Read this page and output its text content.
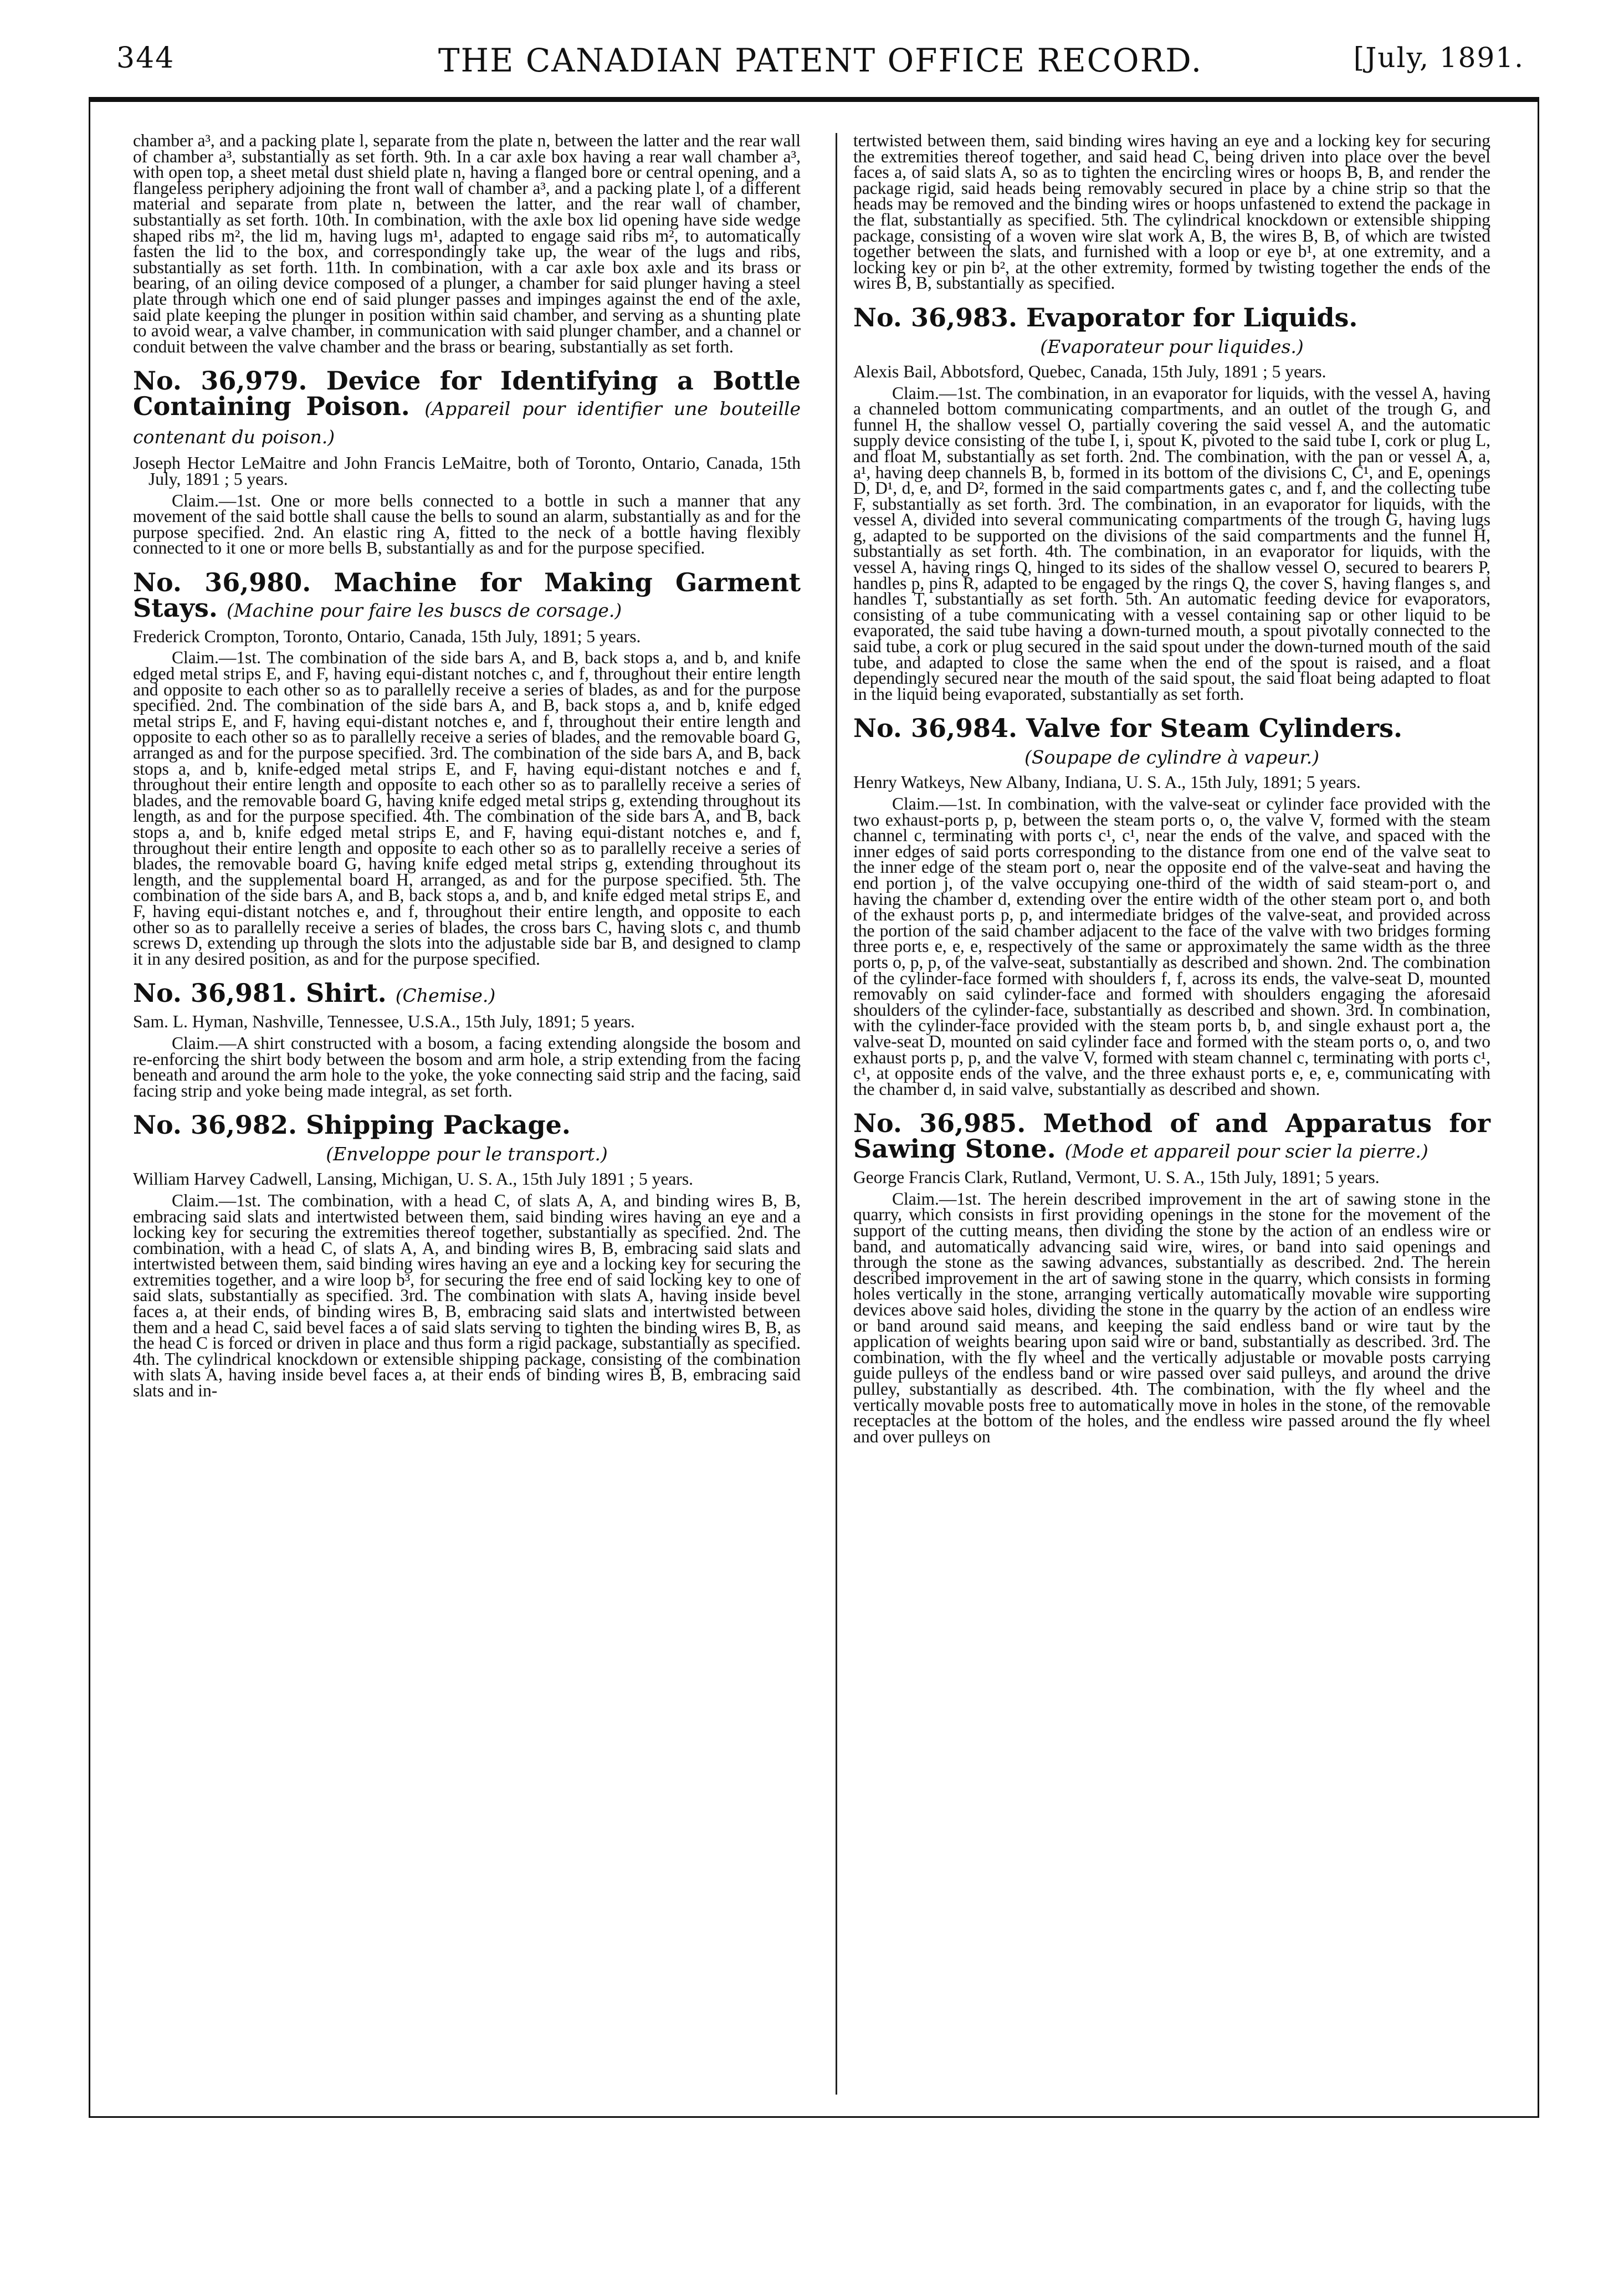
344	THE CANADIAN PATENT OFFICE RECORD.	[July, 1891.

chamber a³, and a packing plate l, separate from the plate n, between the latter and the rear wall of chamber a³, substantially as set forth. 9th. In a car axle box having a rear wall chamber a³, with open top, a sheet metal dust shield plate n, having a flanged bore or central opening, and a flangeless periphery adjoining the front wall of chamber a³, and a packing plate l, of a different material and separate from plate n, between the latter, and the rear wall of chamber, substantially as set forth. 10th. In combination, with the axle box lid opening have side wedge shaped ribs m², the lid m, having lugs m¹, adapted to engage said ribs m², to automatically fasten the lid to the box, and correspondingly take up, the wear of the lugs and ribs, substantially as set forth. 11th. In combination, with a car axle box axle and its brass or bearing, of an oiling device composed of a plunger, a chamber for said plunger having a steel plate through which one end of said plunger passes and impinges against the end of the axle, said plate keeping the plunger in position within said chamber, and serving as a shunting plate to avoid wear, a valve chamber, in communication with said plunger chamber, and a channel or conduit between the valve chamber and the brass or bearing, substantially as set forth.

No. 36,979. Device for Identifying a Bottle Containing Poison. (Appareil pour identifier une bouteille contenant du poison.)

Joseph Hector LeMaitre and John Francis LeMaitre, both of Toronto, Ontario, Canada, 15th July, 1891 ; 5 years.

Claim.—1st. One or more bells connected to a bottle in such a manner that any movement of the said bottle shall cause the bells to sound an alarm, substantially as and for the purpose specified. 2nd. An elastic ring A, fitted to the neck of a bottle having flexibly connected to it one or more bells B, substantially as and for the purpose specified.

No. 36,980. Machine for Making Garment Stays. (Machine pour faire les buscs de corsage.)

Frederick Crompton, Toronto, Ontario, Canada, 15th July, 1891; 5 years.

Claim.—1st. The combination of the side bars A, and B, back stops a, and b, and knife edged metal strips E, and F, having equi-distant notches c, and f, throughout their entire length and opposite to each other so as to parallelly receive a series of blades, as and for the purpose specified. 2nd. The combination of the side bars A, and B, back stops a, and b, knife edged metal strips E, and F, having equi-distant notches e, and f, throughout their entire length and opposite to each other so as to parallelly receive a series of blades, and the removable board G, arranged as and for the purpose specified. 3rd. The combination of the side bars A, and B, back stops a, and b, knife-edged metal strips E, and F, having equi-distant notches e and f, throughout their entire length and opposite to each other so as to parallelly receive a series of blades, and the removable board G, having knife edged metal strips g, extending throughout its length, as and for the purpose specified. 4th. The combination of the side bars A, and B, back stops a, and b, knife edged metal strips E, and F, having equi-distant notches e, and f, throughout their entire length and opposite to each other so as to parallelly receive a series of blades, the removable board G, having knife edged metal strips g, extending throughout its length, and the supplemental board H, arranged, as and for the purpose specified. 5th. The combination of the side bars A, and B, back stops a, and b, and knife edged metal strips E, and F, having equi-distant notches e, and f, throughout their entire length, and opposite to each other so as to parallelly receive a series of blades, the cross bars C, having slots c, and thumb screws D, extending up through the slots into the adjustable side bar B, and designed to clamp it in any desired position, as and for the purpose specified.

No. 36,981. Shirt. (Chemise.)

Sam. L. Hyman, Nashville, Tennessee, U.S.A., 15th July, 1891; 5 years.

Claim.—A shirt constructed with a bosom, a facing extending alongside the bosom and re-enforcing the shirt body between the bosom and arm hole, a strip extending from the facing beneath and around the arm hole to the yoke, the yoke connecting said strip and the facing, said facing strip and yoke being made integral, as set forth.

No. 36,982. Shipping Package.
(Enveloppe pour le transport.)

William Harvey Cadwell, Lansing, Michigan, U. S. A., 15th July 1891 ; 5 years.

Claim.—1st. The combination, with a head C, of slats A, A, and binding wires B, B, embracing said slats and intertwisted between them, said binding wires having an eye and a locking key for securing the extremities thereof together, substantially as specified. 2nd. The combination, with a head C, of slats A, A, and binding wires B, B, embracing said slats and intertwisted between them, said binding wires having an eye and a locking key for securing the extremities together, and a wire loop b³, for securing the free end of said locking key to one of said slats, substantially as specified. 3rd. The combination with slats A, having inside bevel faces a, at their ends, of binding wires B, B, embracing said slats and intertwisted between them and a head C, said bevel faces a of said slats serving to tighten the binding wires B, B, as the head C is forced or driven in place and thus form a rigid package, substantially as specified. 4th. The cylindrical knockdown or extensible shipping package, consisting of the combination with slats A, having inside bevel faces a, at their ends of binding wires B, B, embracing said slats and in-

tertwisted between them, said binding wires having an eye and a locking key for securing the extremities thereof together, and said head C, being driven into place over the bevel faces a, of said slats A, so as to tighten the encircling wires or hoops B, B, and render the package rigid, said heads being removably secured in place by a chine strip so that the heads may be removed and the binding wires or hoops unfastened to extend the package in the flat, substantially as specified. 5th. The cylindrical knockdown or extensible shipping package, consisting of a woven wire slat work A, B, the wires B, B, of which are twisted together between the slats, and furnished with a loop or eye b¹, at one extremity, and a locking key or pin b², at the other extremity, formed by twisting together the ends of the wires B, B, substantially as specified.

No. 36,983. Evaporator for Liquids.
(Evaporateur pour liquides.)

Alexis Bail, Abbotsford, Quebec, Canada, 15th July, 1891 ; 5 years.

Claim.—1st. The combination, in an evaporator for liquids, with the vessel A, having a channeled bottom communicating compartments, and an outlet of the trough G, and funnel H, the shallow vessel O, partially covering the said vessel A, and the automatic supply device consisting of the tube I, i, spout K, pivoted to the said tube I, cork or plug L, and float M, substantially as set forth. 2nd. The combination, with the pan or vessel A, a, a¹, having deep channels B, b, formed in its bottom of the divisions C, C¹, and E, openings D, D¹, d, e, and D², formed in the said compartments gates c, and f, and the collecting tube F, substantially as set forth. 3rd. The combination, in an evaporator for liquids, with the vessel A, divided into several communicating compartments of the trough G, having lugs g, adapted to be supported on the divisions of the said compartments and the funnel H, substantially as set forth. 4th. The combination, in an evaporator for liquids, with the vessel A, having rings Q, hinged to its sides of the shallow vessel O, secured to bearers P, handles p, pins R, adapted to be engaged by the rings Q, the cover S, having flanges s, and handles T, substantially as set forth. 5th. An automatic feeding device for evaporators, consisting of a tube communicating with a vessel containing sap or other liquid to be evaporated, the said tube having a down-turned mouth, a spout pivotally connected to the said tube, a cork or plug secured in the said spout under the down-turned mouth of the said tube, and adapted to close the same when the end of the spout is raised, and a float dependingly secured near the mouth of the said spout, the said float being adapted to float in the liquid being evaporated, substantially as set forth.

No. 36,984. Valve for Steam Cylinders.
(Soupape de cylindre à vapeur.)

Henry Watkeys, New Albany, Indiana, U. S. A., 15th July, 1891; 5 years.

Claim.—1st. In combination, with the valve-seat or cylinder face provided with the two exhaust-ports p, p, between the steam ports o, o, the valve V, formed with the steam channel c, terminating with ports c¹, c¹, near the ends of the valve, and spaced with the inner edges of said ports corresponding to the distance from one end of the valve seat to the inner edge of the steam port o, near the opposite end of the valve-seat and having the end portion j, of the valve occupying one-third of the width of said steam-port o, and having the chamber d, extending over the entire width of the other steam port o, and both of the exhaust ports p, p, and intermediate bridges of the valve-seat, and provided across the portion of the said chamber adjacent to the face of the valve with two bridges forming three ports e, e, e, respectively of the same or approximately the same width as the three ports o, p, p, of the valve-seat, substantially as described and shown. 2nd. The combination of the cylinder-face formed with shoulders f, f, across its ends, the valve-seat D, mounted removably on said cylinder-face and formed with shoulders engaging the aforesaid shoulders of the cylinder-face, substantially as described and shown. 3rd. In combination, with the cylinder-face provided with the steam ports b, b, and single exhaust port a, the valve-seat D, mounted on said cylinder face and formed with the steam ports o, o, and two exhaust ports p, p, and the valve V, formed with steam channel c, terminating with ports c¹, c¹, at opposite ends of the valve, and the three exhaust ports e, e, e, communicating with the chamber d, in said valve, substantially as described and shown.

No. 36,985. Method of and Apparatus for Sawing Stone. (Mode et appareil pour scier la pierre.)

George Francis Clark, Rutland, Vermont, U. S. A., 15th July, 1891; 5 years.

Claim.—1st. The herein described improvement in the art of sawing stone in the quarry, which consists in first providing openings in the stone for the movement of the support of the cutting means, then dividing the stone by the action of an endless wire or band, and automatically advancing said wire, wires, or band into said openings and through the stone as the sawing advances, substantially as described. 2nd. The herein described improvement in the art of sawing stone in the quarry, which consists in forming holes vertically in the stone, arranging vertically automatically movable wire supporting devices above said holes, dividing the stone in the quarry by the action of an endless wire or band around said means, and keeping the said endless band or wire taut by the application of weights bearing upon said wire or band, substantially as described. 3rd. The combination, with the fly wheel and the vertically adjustable or movable posts carrying guide pulleys of the endless band or wire passed over said pulleys, and around the drive pulley, substantially as described. 4th. The combination, with the fly wheel and the vertically movable posts free to automatically move in holes in the stone, of the removable receptacles at the bottom of the holes, and the endless wire passed around the fly wheel and over pulleys on
